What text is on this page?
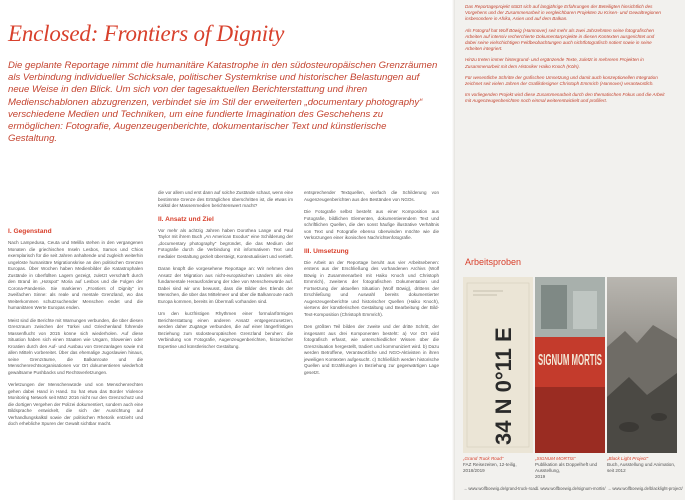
Enclosed: Frontiers of Dignity

Die geplante Reportage nimmt die humanitäre Katastrophe in den südosteuropäischen Grenzräumen als Verbindung individueller Schicksale, politischer Systemkrise und historischer Belastungen auf neue Weise in den Blick. Um sich von der tagesaktuellen Berichterstattung und ihren Medienschablonen abzugrenzen, verbindet sie im Stil der erweiterten „documentary photography“ verschiedene Medien und Techniken, um eine fundierte Imagination des Geschehens zu ermöglichen: Fotografie, Augenzeugenberichte, dokumentarischer Text und künstlerische Gestaltung.

I. Gegenstand

Nach Lampedusa, Ceuta und Melilla stehen in den vergangenen Monaten die griechischen Inseln Lesbos, Samos und Chios exemplarisch für die seit Jahren anhaltende und zugleich weiterhin ungelöste humanitäre Migrationskrise an den politischen Grenzen Europas. Über Wochen haben Medienbilder die Katastrophalen Zustände in überfüllten Lagern gezeigt, zuletzt verschärft durch den Brand im „Hotspot“ Moria auf Lesbos und die Folgen der Corona-Pandemie. Sie markieren „Frontiers of Dignity“ im zweifachen Sinne: als reale und mentale Grenzland, wo das Weiterkommen schutzsuchender Menschen endet und die humanitären Werte Europas enden.

Meist sind die Berichte mit Warnungen verbunden, die über diesen Grenzraum zwischen der Türkei und Griechenland führende Massenflucht von 2015 könne sich wiederholen. Auf diese Situation haben sich einen Staaten wie Ungarn, Slowenien oder Kroatien durch den Auf- und Ausbau von Grenzanlagen sowie mit allen Mitteln vorbereitet. Über das ehemalige Jugoslawien hinaus, seine Grenzräume, die Balkanroute und die Menschenrechtsorganisationen vor Ort dokumentieren wiederholt gewaltsame Pushbacks und Rechtsverletzungen.

Verletzungen der Menschenwürde und von Menschenrechten gehen dabei Hand in Hand. So hat etwa das Border Violence Monitoring Network seit März 2016 nicht nur den Grenzschutz und die dortigen Vergehen der Polizei dokumentiert, sondern auch eine Bildsprache entwickelt, die sich der Ausrichtung auf Verhandlungskalkül sowie der politischen Rhetorik entzieht und doch erhebliche Spuren der Gewalt sichtbar macht.

die vor allem und erst dann auf solche Zustände schaut, wenn eine bestimmte Grenze des Erträglichen überschritten ist, die etwas im Kalkül der Massenmedien berichtenswert macht?

II. Ansatz und Ziel

Vor mehr als achtzig Jahren haben Dorothea Lange und Paul Taylor mit ihrem Buch „An American Exodus“ eine Schilderung der „documentary photography“ begründet, die das Medium der Fotografie durch die Verbindung mit informativem Text und medialer Gestaltung gezielt übersteigt, Kontextualisiert und vertieft.

Daran knüpft die vorgesehene Reportage an: Wir nehmen den Ansatz der Migration aus nicht-europäischen Ländern als eine fundamentale Herausforderung der Idee von Menschenwürde auf. Dabei sind wir uns bewusst, dass die Bilder des Elends der Menschen, die über das Mittelmeer und über die Balkanroute nach Europa kommen, bereits im Übermaß vorhanden sind.

Um den kurzfristigen Rhythmen einer formularförmigen Berichterstattung einen anderen Ansatz entgegenzusetzen, werden daher Zugänge verbunden, die auf einer längerfristigen Beziehung zum südosteuropäischen Grenzland beruhen: die Verbindung von Fotografie, Augenzeugenberichten, historischer Expertise und künstlerischer Gestaltung.

entsprechender Textquellen, vierfach die Schilderung von Augenzeugenberichten aus den Beständen von NGOs.

Die Fotografie selbst besteht aus einer Komposition aus Fotografie, bildlichen Elementen, dokumentierendem Text und schriftlichen Quellen, die den sonst häufige illustrative Verhältnis von Text und Fotografie ebenso überwinden möchte wie die Verkürzungen einer ikonischen Nachrichtenfotografie.

III. Umsetzung

Die Arbeit an der Reportage beruht aus vier Arbeitsebenen: erstens aus der Erschließung des vorhandenen Archivs (Wolf Böwig in Zusammenarbeit mit Haiko Knoch und Christoph Emmrich), zweitens der fotografischen Dokumentation und Fortsetzung der aktuellen Situation (Wolf Böwig), drittens der Erschließung und Auswahl bereits dokumentierter Augenzeugenberichte und historischer Quellen (Haiko Knoch), viertens der künstlerischen Gestaltung und Bearbeitung der Bild-Text-Komposition (Christoph Emmrich).

Den größten Teil bilden der zweite und der dritte Schritt, der insgesamt aus drei Komponenten besteht: a) Vor Ort wird fotografisch erfasst, wie unterschiedlicher Wissen über die Grenzsituation hergestellt, tradiert und kommuniziert wird. b) Dazu werden Betroffene, Verantwortliche und NGO-Aktivisten in ihren jeweiligen Kontexten aufgesucht. c) Schließlich werden historische Quellen und Erzählungen in Beziehung zur gegenwärtigen Lage gesetzt.

Das Reportageprojekt stützt sich auf langjährige Erfahrungen der Beteiligten hinsichtlich des Vorgehens und der Zusammenarbeit in vergleichbaren Projekten zu Krisen- und Gewaltregionen insbesondere in Afrika, Asien und auf dem Balkan.

Als Fotograf hat Wolf Böwig (Hamnover) seit mehr als zwei Jahrzehnten seine fotografischen Arbeiten auf intensiv recherchierte Dokumentarprojekte in diesen Kontexten ausgerichtet und dabei seine vielschichtigen Feldbeobachtungen auch nichtfotografisch notiert sowie in seine Arbeiten integriert.

Hinzu treten immer hintergrund- und ergänzende Texte, zuletzt in mehreren Projekten in Zusammenarbeit mit dem Historiker Haiko Knoch (Köln).

Für wesentliche Schritte der grafischen Umsetzung und damit auch konzeptionellen Integration zeichnet seit vielen Jahren der Grafikdesigner Christoph Emmrich (Hannover) verantwortlich.

Im vorliegenden Projekt wird diese Zusammenarbeit durch den thematischen Fokus und die Arbeit mit Augenzeugenberichten noch einmal weiterentwickelt und profiliert.

Arbeitsproben
34 N 0°11 E SIGNUM MORTIS
„Grand Truck Road“
FAZ Reisezeiten, 12-teilig,
2018/2019
→ www.wolfboewig.de/grand-truck-road/
„SIGNUM MORTIS“
Publikation als Doppelheft und Ausstellung,
2019
→ www.wolfboewig.de/signum-mortis/
„Black Light Project“
Buch, Ausstellung und Animation,
seit 2012
→ www.wolfboewig.de/blacklight-project/
